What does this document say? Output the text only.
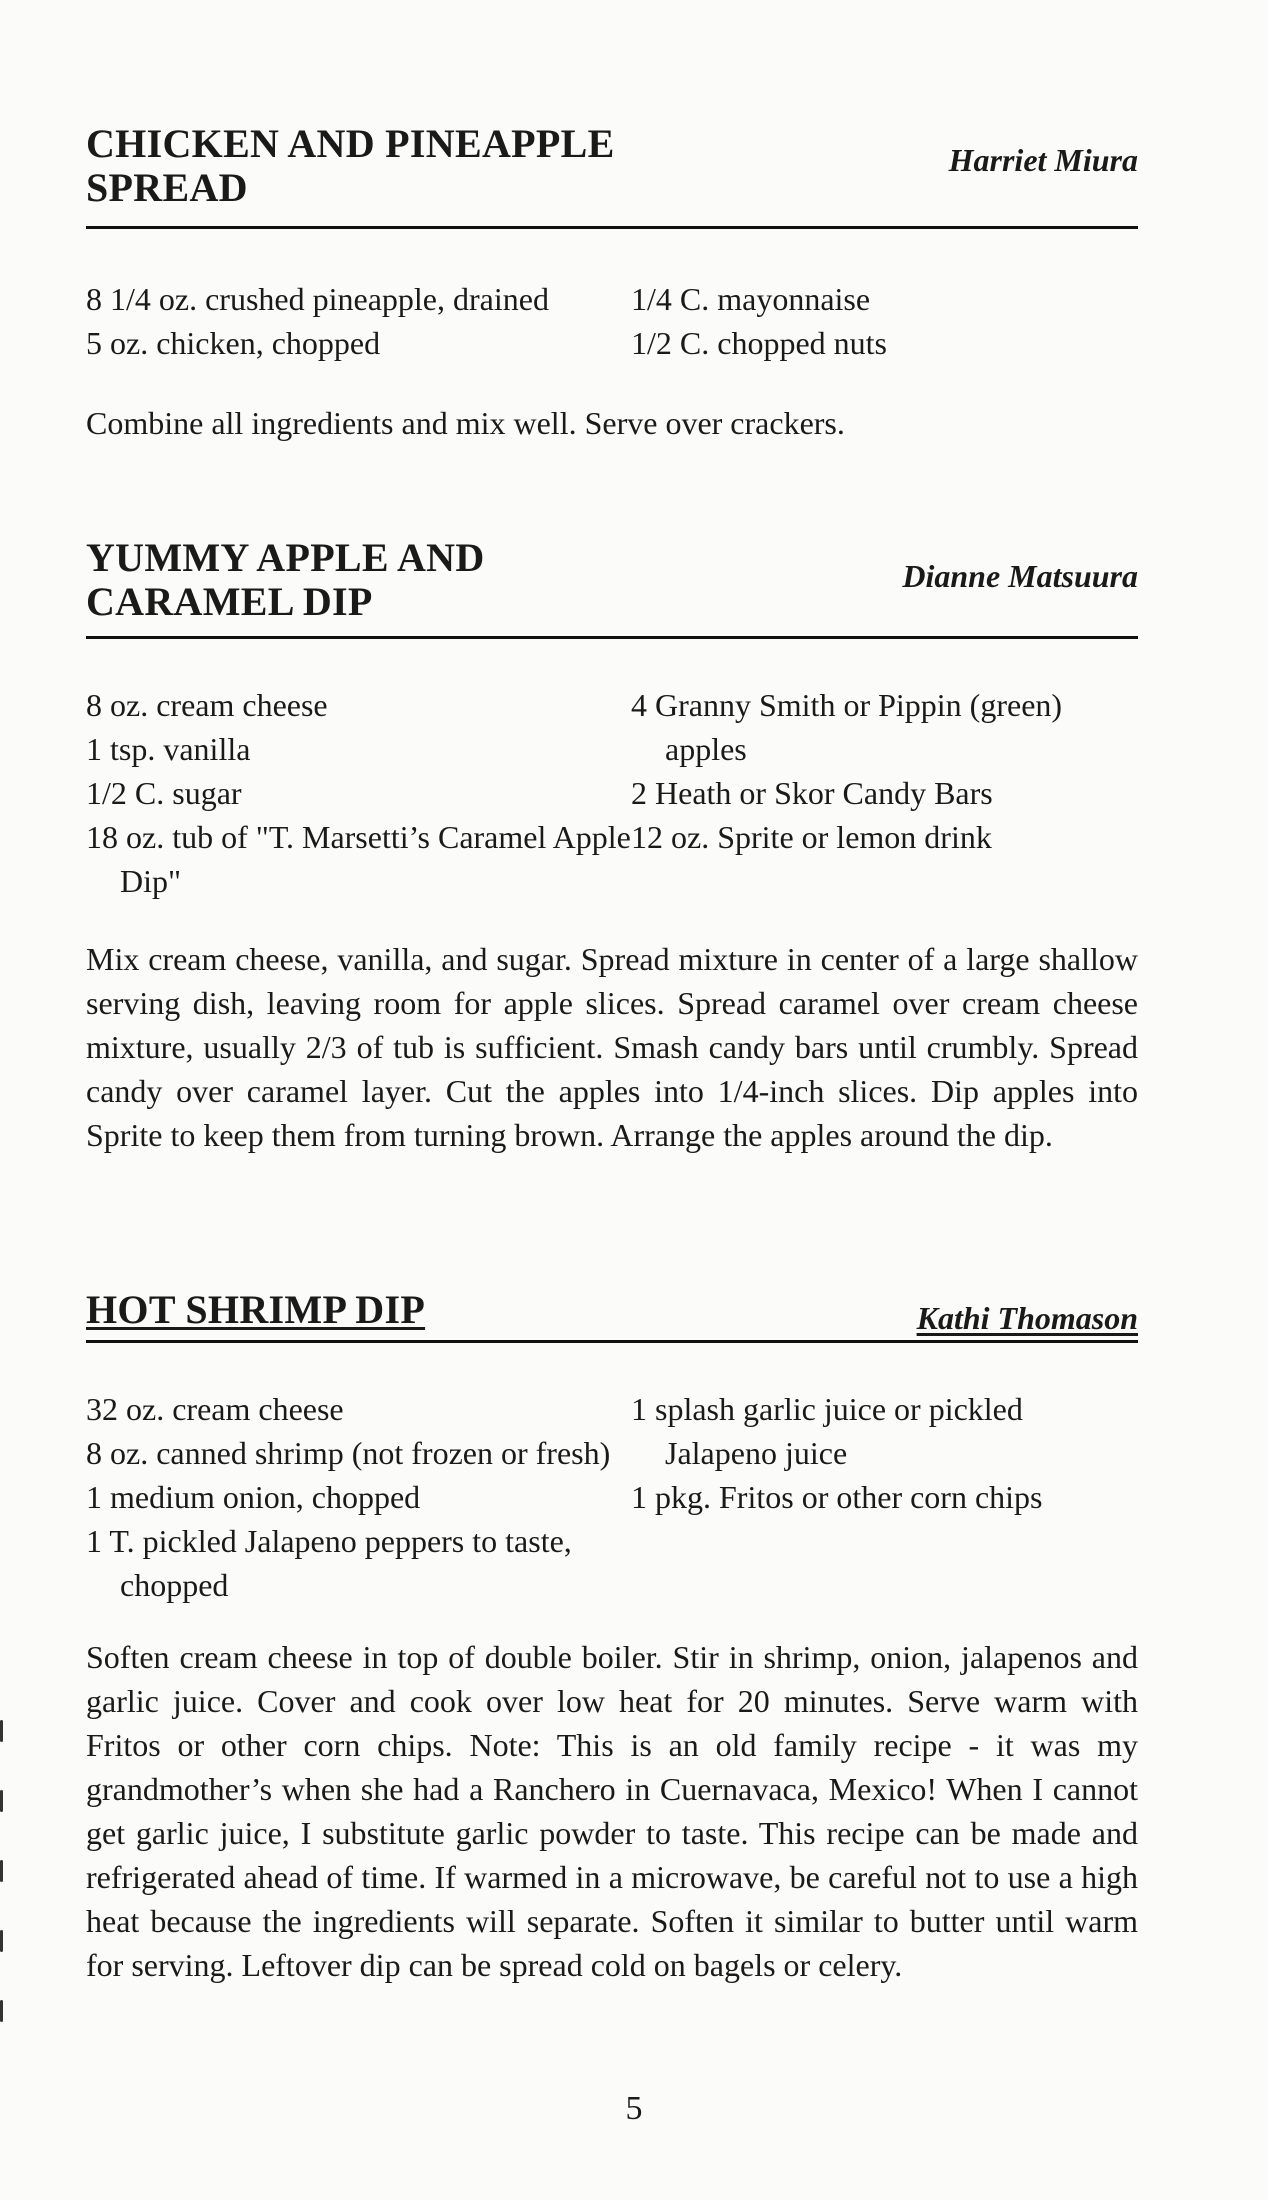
CHICKEN AND PINEAPPLE
SPREAD
Harriet Miura
8 1/4 oz. crushed pineapple, drained
5 oz. chicken, chopped
1/4 C. mayonnaise
1/2 C. chopped nuts
Combine all ingredients and mix well. Serve over crackers.
YUMMY APPLE AND
CARAMEL DIP
Dianne Matsuura
8 oz. cream cheese
1 tsp. vanilla
1/2 C. sugar
18 oz. tub of "T. Marsetti’s Caramel Apple Dip"
4 Granny Smith or Pippin (green) apples
2 Heath or Skor Candy Bars
12 oz. Sprite or lemon drink
Mix cream cheese, vanilla, and sugar. Spread mixture in center of a large shallow serving dish, leaving room for apple slices. Spread caramel over cream cheese mixture, usually 2/3 of tub is sufficient. Smash candy bars until crumbly. Spread candy over caramel layer. Cut the apples into 1/4-inch slices. Dip apples into Sprite to keep them from turning brown. Arrange the apples around the dip.
HOT SHRIMP DIP	Kathi Thomason
32 oz. cream cheese
8 oz. canned shrimp (not frozen or fresh)
1 medium onion, chopped
1 T. pickled Jalapeno peppers to taste, chopped
1 splash garlic juice or pickled Jalapeno juice
1 pkg. Fritos or other corn chips
Soften cream cheese in top of double boiler. Stir in shrimp, onion, jalapenos and garlic juice. Cover and cook over low heat for 20 minutes. Serve warm with Fritos or other corn chips. Note: This is an old family recipe - it was my grandmother’s when she had a Ranchero in Cuernavaca, Mexico! When I cannot get garlic juice, I substitute garlic powder to taste. This recipe can be made and refrigerated ahead of time. If warmed in a microwave, be careful not to use a high heat because the ingredients will separate. Soften it similar to butter until warm for serving. Leftover dip can be spread cold on bagels or celery.
5
